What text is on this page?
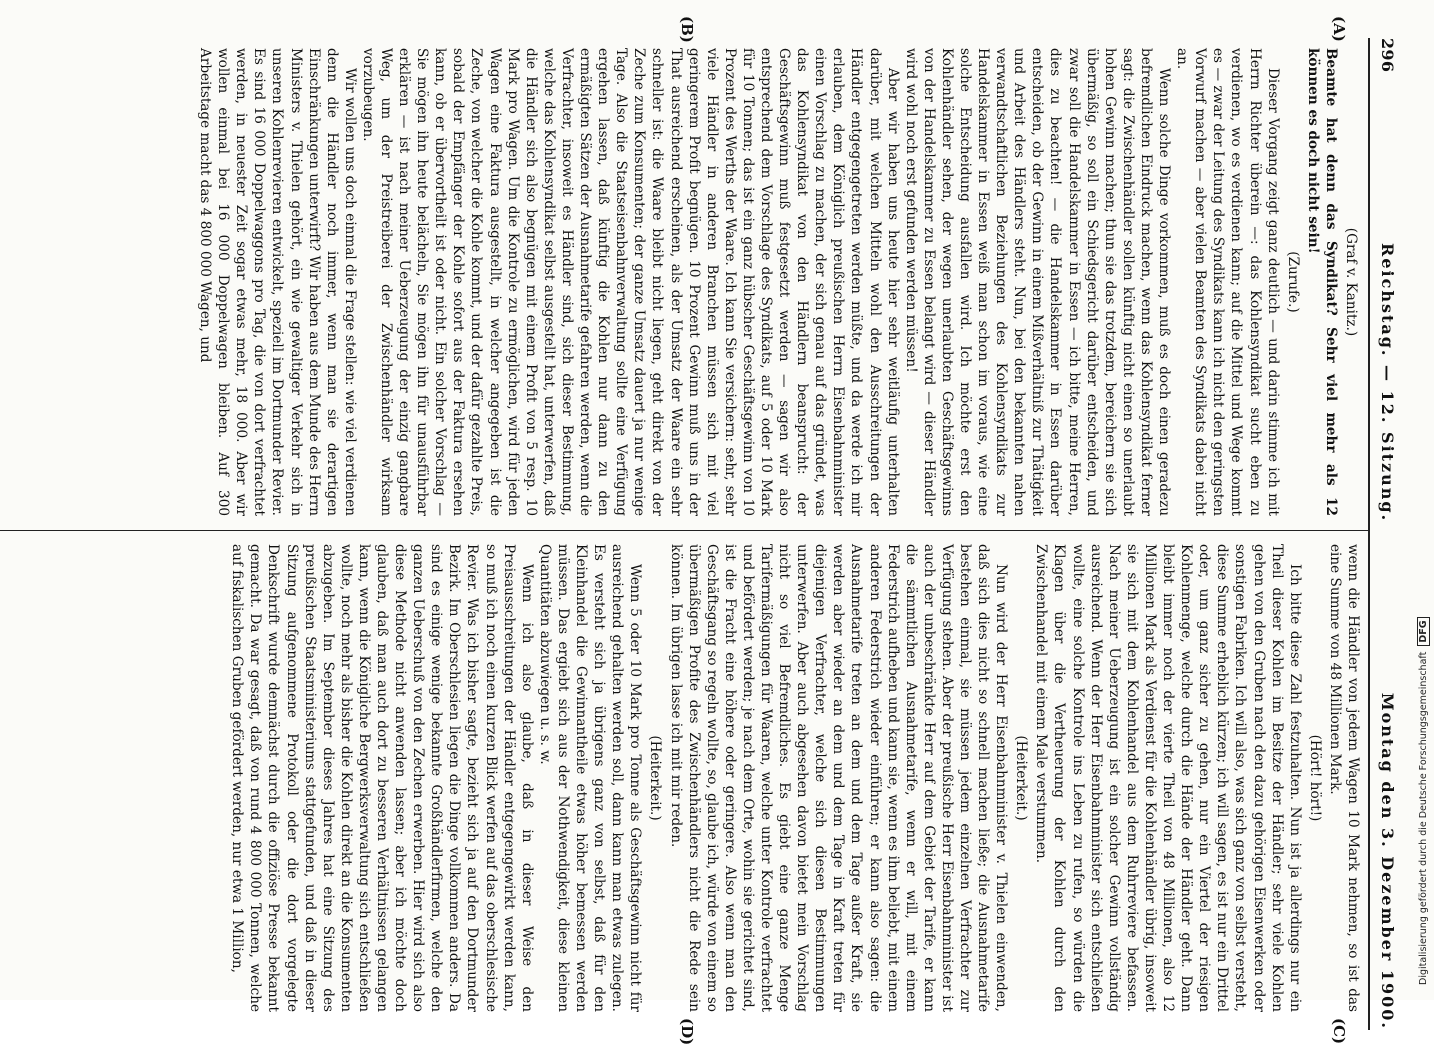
296
Reichstag. — 12. Sitzung.
Montag den 3. Dezember 1900.
(A)
(B)
(C)
(D)

(Graf v. Kanitz.)

Beamte hat denn das Syndikat? Sehr viel mehr als 12 können es doch nicht sein!

(Zurufe.)

Dieser Vorgang zeigt ganz deutlich — und darin stimme ich mit Herrn Richter überein —: das Kohlensyndikat sucht eben zu verdienen, wo es verdienen kann; auf die Mittel und Wege kommt es — zwar der Leitung des Syndikats kann ich nicht den geringsten Vorwurf machen — aber vielen Beamten des Syndikats dabei nicht an.

Wenn solche Dinge vorkommen, muß es doch einen geradezu befremdlichen Eindruck machen, wenn das Kohlensyndikat ferner sagt: die Zwischenhändler sollen künftig nicht einen so unerlaubt hohen Gewinn machen; thun sie das trotzdem, bereichern sie sich übermäßig, so soll ein Schiedsgericht darüber entscheiden, und zwar soll die Handelskammer in Essen — ich bitte, meine Herren, dies zu beachten! — die Handelskammer in Essen darüber entscheiden, ob der Gewinn in einem Mißverhältniß zur Thätigkeit und Arbeit des Händlers steht. Nun, bei den bekannten nahen verwandtschaftlichen Beziehungen des Kohlensyndikats zur Handelskammer in Essen weiß man schon im voraus, wie eine solche Entscheidung ausfallen wird. Ich möchte erst den Kohlenhändler sehen, der wegen unerlaubten Geschäftsgewinns von der Handelskammer zu Essen belangt wird — dieser Händler wird wohl noch erst gefunden werden müssen!

Aber wir haben uns heute hier sehr weitläufig unterhalten darüber, mit welchen Mitteln wohl den Ausschreitungen der Händler entgegengetreten werden müßte, und da werde ich mir erlauben, dem Königlich preußischen Herrn Eisenbahnminister einen Vorschlag zu machen, der sich genau auf das gründet, was das Kohlensyndikat von den Händlern beansprucht: der Geschäftsgewinn muß festgesetzt werden — sagen wir also entsprechend dem Vorschlage des Syndikats, auf 5 oder 10 Mark für 10 Tonnen; das ist ein ganz hübscher Geschäftsgewinn von 10 Prozent des Werths der Waare. Ich kann Sie versichern: sehr, sehr viele Händler in anderen Branchen müssen sich mit viel geringerem Profit begnügen. 10 Prozent Gewinn muß uns in der That ausreichend erscheinen, als der Umsatz der Waare ein sehr schneller ist: die Waare bleibt nicht liegen, geht direkt von der Zeche zum Konsumenten; der ganze Umsatz dauert ja nur wenige Tage. Also die Staatseisenbahnverwaltung sollte eine Verfügung ergehen lassen, daß künftig die Kohlen nur dann zu den ermäßigten Sätzen der Ausnahmetarife gefahren werden, wenn die Verfrachter, insoweit es Händler sind, sich dieser Bestimmung, welche das Kohlensyndikat selbst ausgestellt hat, unterwerfen, daß die Händler sich also begnügen mit einem Profit von 5 resp. 10 Mark pro Wagen. Um die Kontrole zu ermöglichen, wird für jeden Wagen eine Faktura ausgestellt, in welcher angegeben ist die Zeche, von welcher die Kohle kommt, und der dafür gezahlte Preis, sobald der Empfänger der Kohle sofort aus der Faktura ersehen kann, ob er übervortheilt ist oder nicht. Ein solcher Vorschlag — Sie mögen ihn heute belächeln, Sie mögen ihn für unausführbar erklären — ist nach meiner Ueberzeugung der einzig gangbare Weg, um der Preistreiberei der Zwischenhändler wirksam vorzubeugen.

Wir wollen uns doch einmal die Frage stellen: wie viel verdienen denn die Händler noch immer, wenn man sie derartigen Einschränkungen unterwirft? Wir haben aus dem Munde des Herrn Ministers v. Thielen gehört, ein wie gewaltiger Verkehr sich in unseren Kohlenrevieren entwickelt, speziell im Dortmunder Revier. Es sind 16 000 Doppelwaggons pro Tag, die von dort verfrachtet werden, in neuester Zeit sogar etwas mehr, 18 000. Aber wir wollen einmal bei 16 000 Doppelwagen bleiben. Auf 300 Arbeitstage macht das 4 800 000 Wagen, und

wenn die Händler von jedem Wagen 10 Mark nehmen, so ist das eine Summe von 48 Millionen Mark.

(Hört! hört!)

Ich bitte diese Zahl festzuhalten. Nun ist ja allerdings nur ein Theil dieser Kohlen im Besitze der Händler; sehr viele Kohlen gehen von den Gruben nach den dazu gehörigen Eisenwerken oder sonstigen Fabriken. Ich will also, was sich ganz von selbst versteht, diese Summe erheblich kürzen; ich will sagen, es ist nur ein Drittel oder, um ganz sicher zu gehen, nur ein Viertel der riesigen Kohlenmenge, welche durch die Hände der Händler geht. Dann bleibt immer noch der vierte Theil von 48 Millionen, also 12 Millionen Mark als Verdienst für die Kohlenhändler übrig, insoweit sie sich mit dem Kohlenhandel aus dem Ruhrreviere befassen. Nach meiner Ueberzeugung ist ein solcher Gewinn vollständig ausreichend. Wenn der Herr Eisenbahnminister sich entschließen wollte, eine solche Kontrole ins Leben zu rufen, so würden die Klagen über die Vertheuerung der Kohlen durch den Zwischenhandel mit einem Male verstummen.

(Heiterkeit.)

Nun wird der Herr Eisenbahnminister v. Thielen einwenden, daß sich dies nicht so schnell machen ließe; die Ausnahmetarife bestehen einmal, sie müssen jedem einzelnen Verfrachter zur Verfügung stehen. Aber der preußische Herr Eisenbahnminister ist auch der unbeschränkte Herr auf dem Gebiet der Tarife, er kann die sämmtlichen Ausnahmetarife, wenn er will, mit einem Federstrich aufheben und kann sie, wenn es ihm beliebt, mit einem anderen Federstrich wieder einführen; er kann also sagen: die Ausnahmetarife treten an dem und dem Tage außer Kraft, sie werden aber wieder an dem und dem Tage in Kraft treten für diejenigen Verfrachter, welche sich diesen Bestimmungen unterwerfen. Aber auch abgesehen davon bietet mein Vorschlag nicht so viel Befremdliches. Es giebt eine ganze Menge Tarifermäßigungen für Waaren, welche unter Kontrole verfrachtet und befördert werden; je nach dem Orte, wohin sie gerichtet sind, ist die Fracht eine höhere oder geringere. Also wenn man den Geschäftsgang so regeln wollte, so, glaube ich, würde von einem so übermäßigen Profite des Zwischenhändlers nicht die Rede sein können. Im übrigen lasse ich mit mir reden.

(Heiterkeit.)

Wenn 5 oder 10 Mark pro Tonne als Geschäftsgewinn nicht für ausreichend gehalten werden soll, dann kann man etwas zulegen. Es versteht sich ja übrigens ganz von selbst, daß für den Kleinhandel die Gewinnantheile etwas höher bemessen werden müssen. Das ergiebt sich aus der Nothwendigkeit, diese kleinen Quantitäten abzuwiegen u. s. w.

Wenn ich also glaube, daß in dieser Weise den Preisausschreitungen der Händler entgegengewirkt werden kann, so muß ich noch einen kurzen Blick werfen auf das oberschlesische Revier. Was ich bisher sagte, bezieht sich ja auf den Dortmunder Bezirk. Im Oberschlesien liegen die Dinge vollkommen anders. Da sind es einige wenige bekannte Großhändlerfirmen, welche den ganzen Ueberschuß von den Zechen erwerben. Hier wird sich also diese Methode nicht anwenden lassen; aber ich möchte doch glauben, daß man auch dort zu besseren Verhältnissen gelangen kann, wenn die Königliche Bergwerksverwaltung sich entschließen wollte, noch mehr als bisher die Kohlen direkt an die Konsumenten abzugeben. Im September dieses Jahres hat eine Sitzung des preußischen Staatsministeriums stattgefunden, und daß in dieser Sitzung aufgenommene Protokoll oder die dort vorgelegte Denkschrift wurde demnächst durch die offiziöse Presse bekannt gemacht. Da war gesagt, daß von rund 4 800 000 Tonnen, welche auf fiskalischen Gruben gefördert werden, nur etwa 1 Million,	Digitalisierung gefördert durch die Deutsche Forschungsgemeinschaft DFG
